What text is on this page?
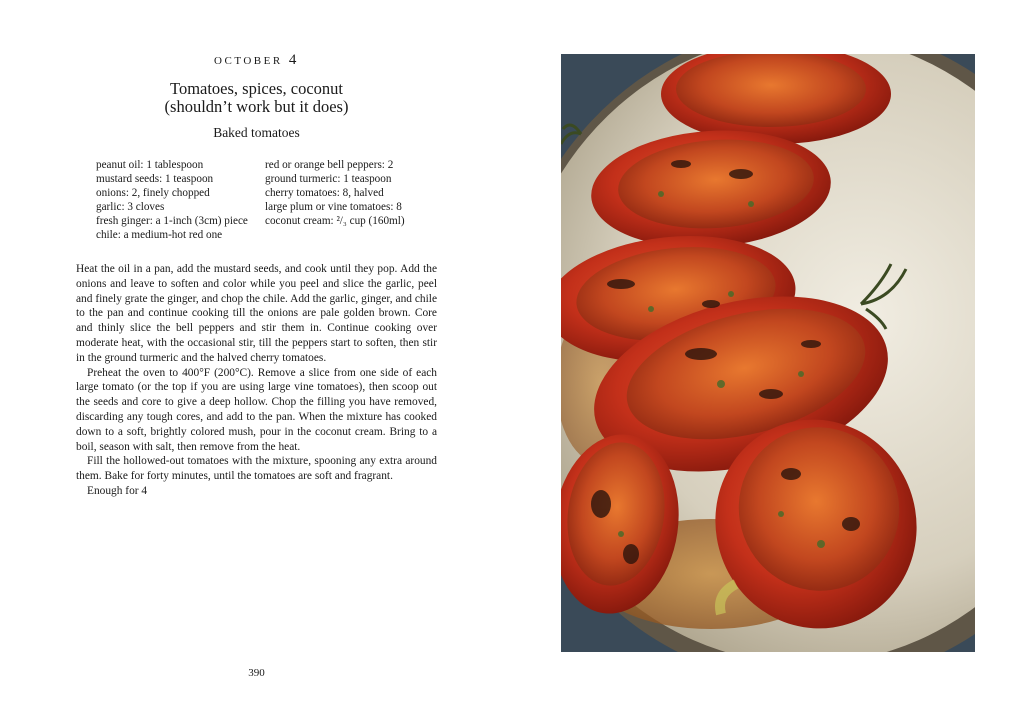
october 4
Tomatoes, spices, coconut
(shouldn’t work but it does)
Baked tomatoes
peanut oil: 1 tablespoon
mustard seeds: 1 teaspoon
onions: 2, finely chopped
garlic: 3 cloves
fresh ginger: a 1-inch (3cm) piece
chile: a medium-hot red one
red or orange bell peppers: 2
ground turmeric: 1 teaspoon
cherry tomatoes: 8, halved
large plum or vine tomatoes: 8
coconut cream: ²/₃ cup (160ml)

Heat the oil in a pan, add the mustard seeds, and cook until they pop. Add the onions and leave to soften and color while you peel and slice the garlic, peel and finely grate the ginger, and chop the chile. Add the garlic, ginger, and chile to the pan and continue cooking till the onions are pale golden brown. Core and thinly slice the bell peppers and stir them in. Continue cooking over moderate heat, with the occasional stir, till the peppers start to soften, then stir in the ground turmeric and the halved cherry tomatoes.

Preheat the oven to 400°F (200°C). Remove a slice from one side of each large tomato (or the top if you are using large vine tomatoes), then scoop out the seeds and core to give a deep hollow. Chop the filling you have removed, discarding any tough cores, and add to the pan. When the mixture has cooked down to a soft, brightly colored mush, pour in the coconut cream. Bring to a boil, season with salt, then remove from the heat.

Fill the hollowed-out tomatoes with the mixture, spooning any extra around them. Bake for forty minutes, until the tomatoes are soft and fragrant.

Enough for 4

390
